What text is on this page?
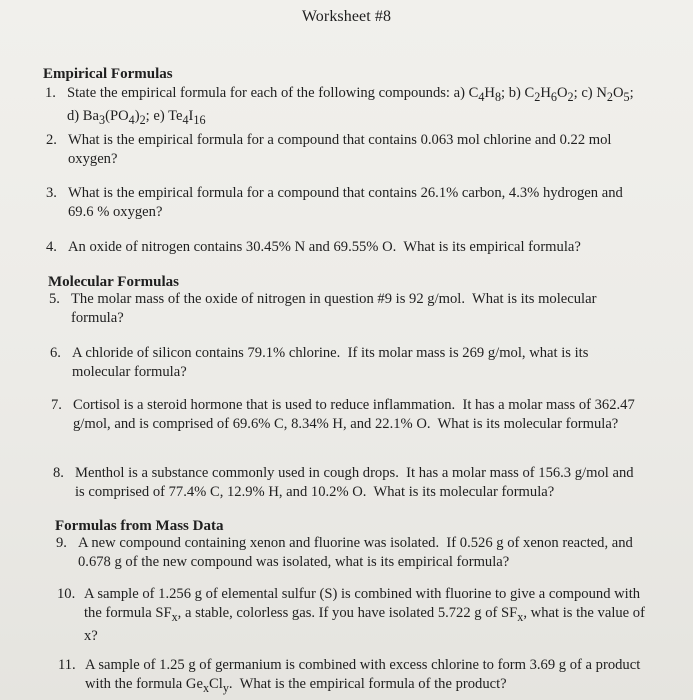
Worksheet #8
Empirical Formulas
1. State the empirical formula for each of the following compounds: a) $C_4H_8$; b) $C_2H_6O_2$; c) $N_2O_5$; d) $Ba_3(PO_4)_2$; e) $Te_4I_{16}$
2. What is the empirical formula for a compound that contains 0.063 mol chlorine and 0.22 mol oxygen?
3. What is the empirical formula for a compound that contains 26.1% carbon, 4.3% hydrogen and 69.6 % oxygen?
4. An oxide of nitrogen contains 30.45% N and 69.55% O.  What is its empirical formula?
Molecular Formulas
5. The molar mass of the oxide of nitrogen in question #9 is 92 g/mol.  What is its molecular formula?
6. A chloride of silicon contains 79.1% chlorine.  If its molar mass is 269 g/mol, what is its molecular formula?
7. Cortisol is a steroid hormone that is used to reduce inflammation.  It has a molar mass of 362.47 g/mol, and is comprised of 69.6% C, 8.34% H, and 22.1% O.  What is its molecular formula?
8. Menthol is a substance commonly used in cough drops.  It has a molar mass of 156.3 g/mol and is comprised of 77.4% C, 12.9% H, and 10.2% O.  What is its molecular formula?
Formulas from Mass Data
9. A new compound containing xenon and fluorine was isolated.  If 0.526 g of xenon reacted, and 0.678 g of the new compound was isolated, what is its empirical formula?
10. A sample of 1.256 g of elemental sulfur (S) is combined with fluorine to give a compound with the formula $SF_x$, a stable, colorless gas. If you have isolated 5.722 g of $SF_x$, what is the value of x?
11. A sample of 1.25 g of germanium is combined with excess chlorine to form 3.69 g of a product with the formula $Ge_xCl_y$.  What is the empirical formula of the product?
